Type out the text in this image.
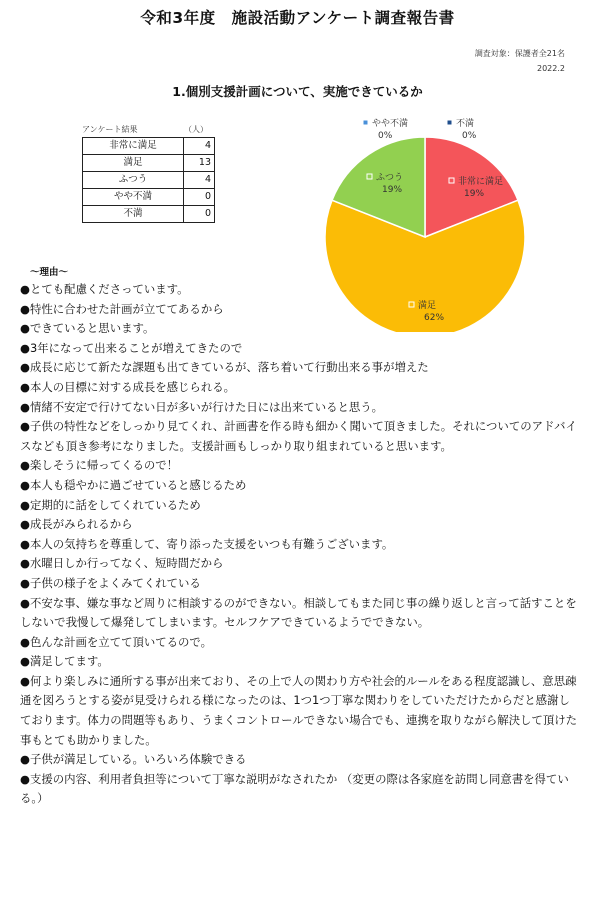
令和3年度　施設活動アンケート調査報告書
調査対象：保護者全21名
2022.2
1.個別支援計画について、実施できているか
アンケート結果	（人）
非常に満足	4
満足	13
ふつう	4
やや不満	0
不満	0
非常に満足
19%
満足
62%
ふつう
19%
やや不満
0%
不満
0%
～理由～
● とても配慮くださっています。
● 特性に合わせた計画が立ててあるから
● できていると思います。
● 3年になって出来ることが増えてきたので
● 成長に応じて新たな課題も出てきているが、落ち着いて行動出来る事が増えた
● 本人の目標に対する成長を感じられる。
● 情緒不安定で行けてない日が多いが行けた日には出来ていると思う。
● 子供の特性などをしっかり見てくれ、計画書を作る時も細かく聞いて頂きました。それについてのアドバイスなども頂き参考になりました。支援計画もしっかり取り組まれていると思います。
● 楽しそうに帰ってくるので！
● 本人も穏やかに過ごせていると感じるため
● 定期的に話をしてくれているため
● 成長がみられるから
● 本人の気持ちを尊重して、寄り添った支援をいつも有難うございます。
● 水曜日しか行ってなく、短時間だから
● 子供の様子をよくみてくれている
● 不安な事、嫌な事など周りに相談するのができない。相談してもまた同じ事の繰り返しと言って話すことをしないで我慢して爆発してしまいます。セルフケアできているようでできない。
● 色んな計画を立てて頂いてるので。
● 満足してます。
● 何より楽しみに通所する事が出来ており、その上で人の関わり方や社会的ルールをある程度認識し、意思疎通を図ろうとする姿が見受けられる様になったのは、1つ1つ丁寧な関わりをしていただけたからだと感謝しております。体力の問題等もあり、うまくコントロールできない場合でも、連携を取りながら解決して頂けた事もとても助かりました。
● 子供が満足している。いろいろ体験できる
● 支援の内容、利用者負担等について丁寧な説明がなされたか （変更の際は各家庭を訪問し同意書を得ている。）
